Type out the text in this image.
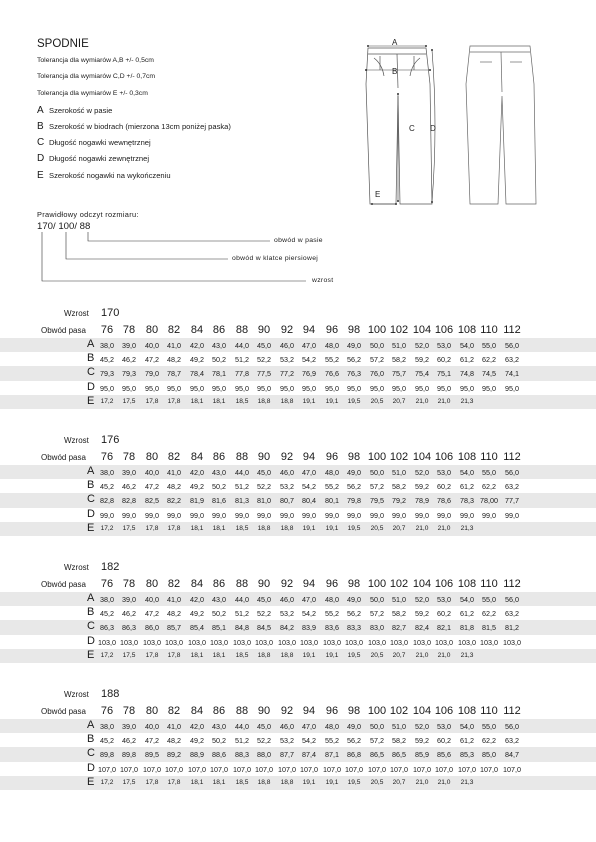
SPODNIE
Tolerancja dla wymiarów A,B +/- 0,5cm
Tolerancja dla wymiarów C,D +/- 0,7cm
Tolerancja dla wymiarów E +/- 0,3cm
A Szerokość w pasie
B Szerokość w biodrach (mierzona 13cm poniżej paska)
C Długość nogawki wewnętrznej
D Długość nogawki zewnętrznej
E Szerokość nogawki na wykończeniu
Prawidłowy odczyt rozmiaru:
170/ 100/ 88
obwód w pasie
obwód w klatce piersiowej
wzrost
A
B
C D
E
Wzrost 170
Obwód pasa	76 78 80 82 84 86 88 90 92 94 96 98 100 102 104 106 108 110 112
A 38,0	39,0	40,0	41,0	42,0	43,0	44,0	45,0	46,0	47,0	48,0	49,0	50,0	51,0	52,0	53,0	54,0	55,0	56,0
B 45,2	46,2	47,2	48,2	49,2	50,2	51,2	52,2	53,2	54,2	55,2	56,2	57,2	58,2	59,2	60,2	61,2	62,2	63,2
C 79,3	79,3	79,0	78,7	78,4	78,1	77,8	77,5	77,2	76,9	76,6	76,3	76,0	75,7	75,4	75,1	74,8	74,5	74,1
D 95,0	95,0	95,0	95,0	95,0	95,0	95,0	95,0	95,0	95,0	95,0	95,0	95,0	95,0	95,0	95,0	95,0	95,0	95,0
E 17,2	17,5	17,8	17,8	18,1	18,1	18,5	18,8	18,8	19,1	19,1	19,5	20,5	20,7	21,0	21,0	21,3
Wzrost 176
Obwód pasa	76 78 80 82 84 86 88 90 92 94 96 98 100 102 104 106 108 110 112
A 38,0	39,0	40,0	41,0	42,0	43,0	44,0	45,0	46,0	47,0	48,0	49,0	50,0	51,0	52,0	53,0	54,0	55,0	56,0
B 45,2	46,2	47,2	48,2	49,2	50,2	51,2	52,2	53,2	54,2	55,2	56,2	57,2	58,2	59,2	60,2	61,2	62,2	63,2
C 82,8	82,8	82,5	82,2	81,9	81,6	81,3	81,0	80,7	80,4	80,1	79,8	79,5	79,2	78,9	78,6	78,3 78,00 77,7
D 99,0	99,0	99,0	99,0	99,0	99,0	99,0	99,0	99,0	99,0	99,0	99,0	99,0	99,0	99,0	99,0	99,0	99,0	99,0
E 17,2	17,5	17,8	17,8	18,1	18,1	18,5	18,8	18,8	19,1	19,1	19,5	20,5	20,7	21,0	21,0	21,3
Wzrost 182
Obwód pasa	76 78 80 82 84 86 88 90 92 94 96 98 100 102 104 106 108 110 112
A 38,0	39,0	40,0	41,0	42,0	43,0	44,0	45,0	46,0	47,0	48,0	49,0	50,0	51,0	52,0	53,0	54,0	55,0	56,0
B 45,2	46,2	47,2	48,2	49,2	50,2	51,2	52,2	53,2	54,2	55,2	56,2	57,2	58,2	59,2	60,2	61,2	62,2	63,2
C 86,3	86,3	86,0	85,7	85,4	85,1	84,8	84,5	84,2	83,9	83,6	83,3	83,0	82,7	82,4	82,1	81,8	81,5	81,2
D 103,0 103,0 103,0 103,0 103,0 103,0 103,0 103,0 103,0 103,0 103,0 103,0 103,0 103,0 103,0 103,0 103,0 103,0 103,0
E 17,2	17,5	17,8	17,8	18,1	18,1	18,5	18,8	18,8	19,1	19,1	19,5	20,5	20,7	21,0	21,0	21,3
Wzrost 188
Obwód pasa	76 78 80 82 84 86 88 90 92 94 96 98 100 102 104 106 108 110 112
A 38,0	39,0	40,0	41,0	42,0	43,0	44,0	45,0	46,0	47,0	48,0	49,0	50,0	51,0	52,0	53,0	54,0	55,0	56,0
B 45,2	46,2	47,2	48,2	49,2	50,2	51,2	52,2	53,2	54,2	55,2	56,2	57,2	58,2	59,2	60,2	61,2	62,2	63,2
C 89,8	89,8	89,5	89,2	88,9	88,6	88,3	88,0	87,7	87,4	87,1	86,8	86,5	86,5	85,9	85,6	85,3	85,0	84,7
D 107,0 107,0 107,0 107,0 107,0 107,0 107,0 107,0 107,0 107,0 107,0 107,0 107,0 107,0 107,0 107,0 107,0 107,0 107,0
E 17,2	17,5	17,8	17,8	18,1	18,1	18,5	18,8	18,8	19,1	19,1	19,5	20,5	20,7	21,0	21,0	21,3
